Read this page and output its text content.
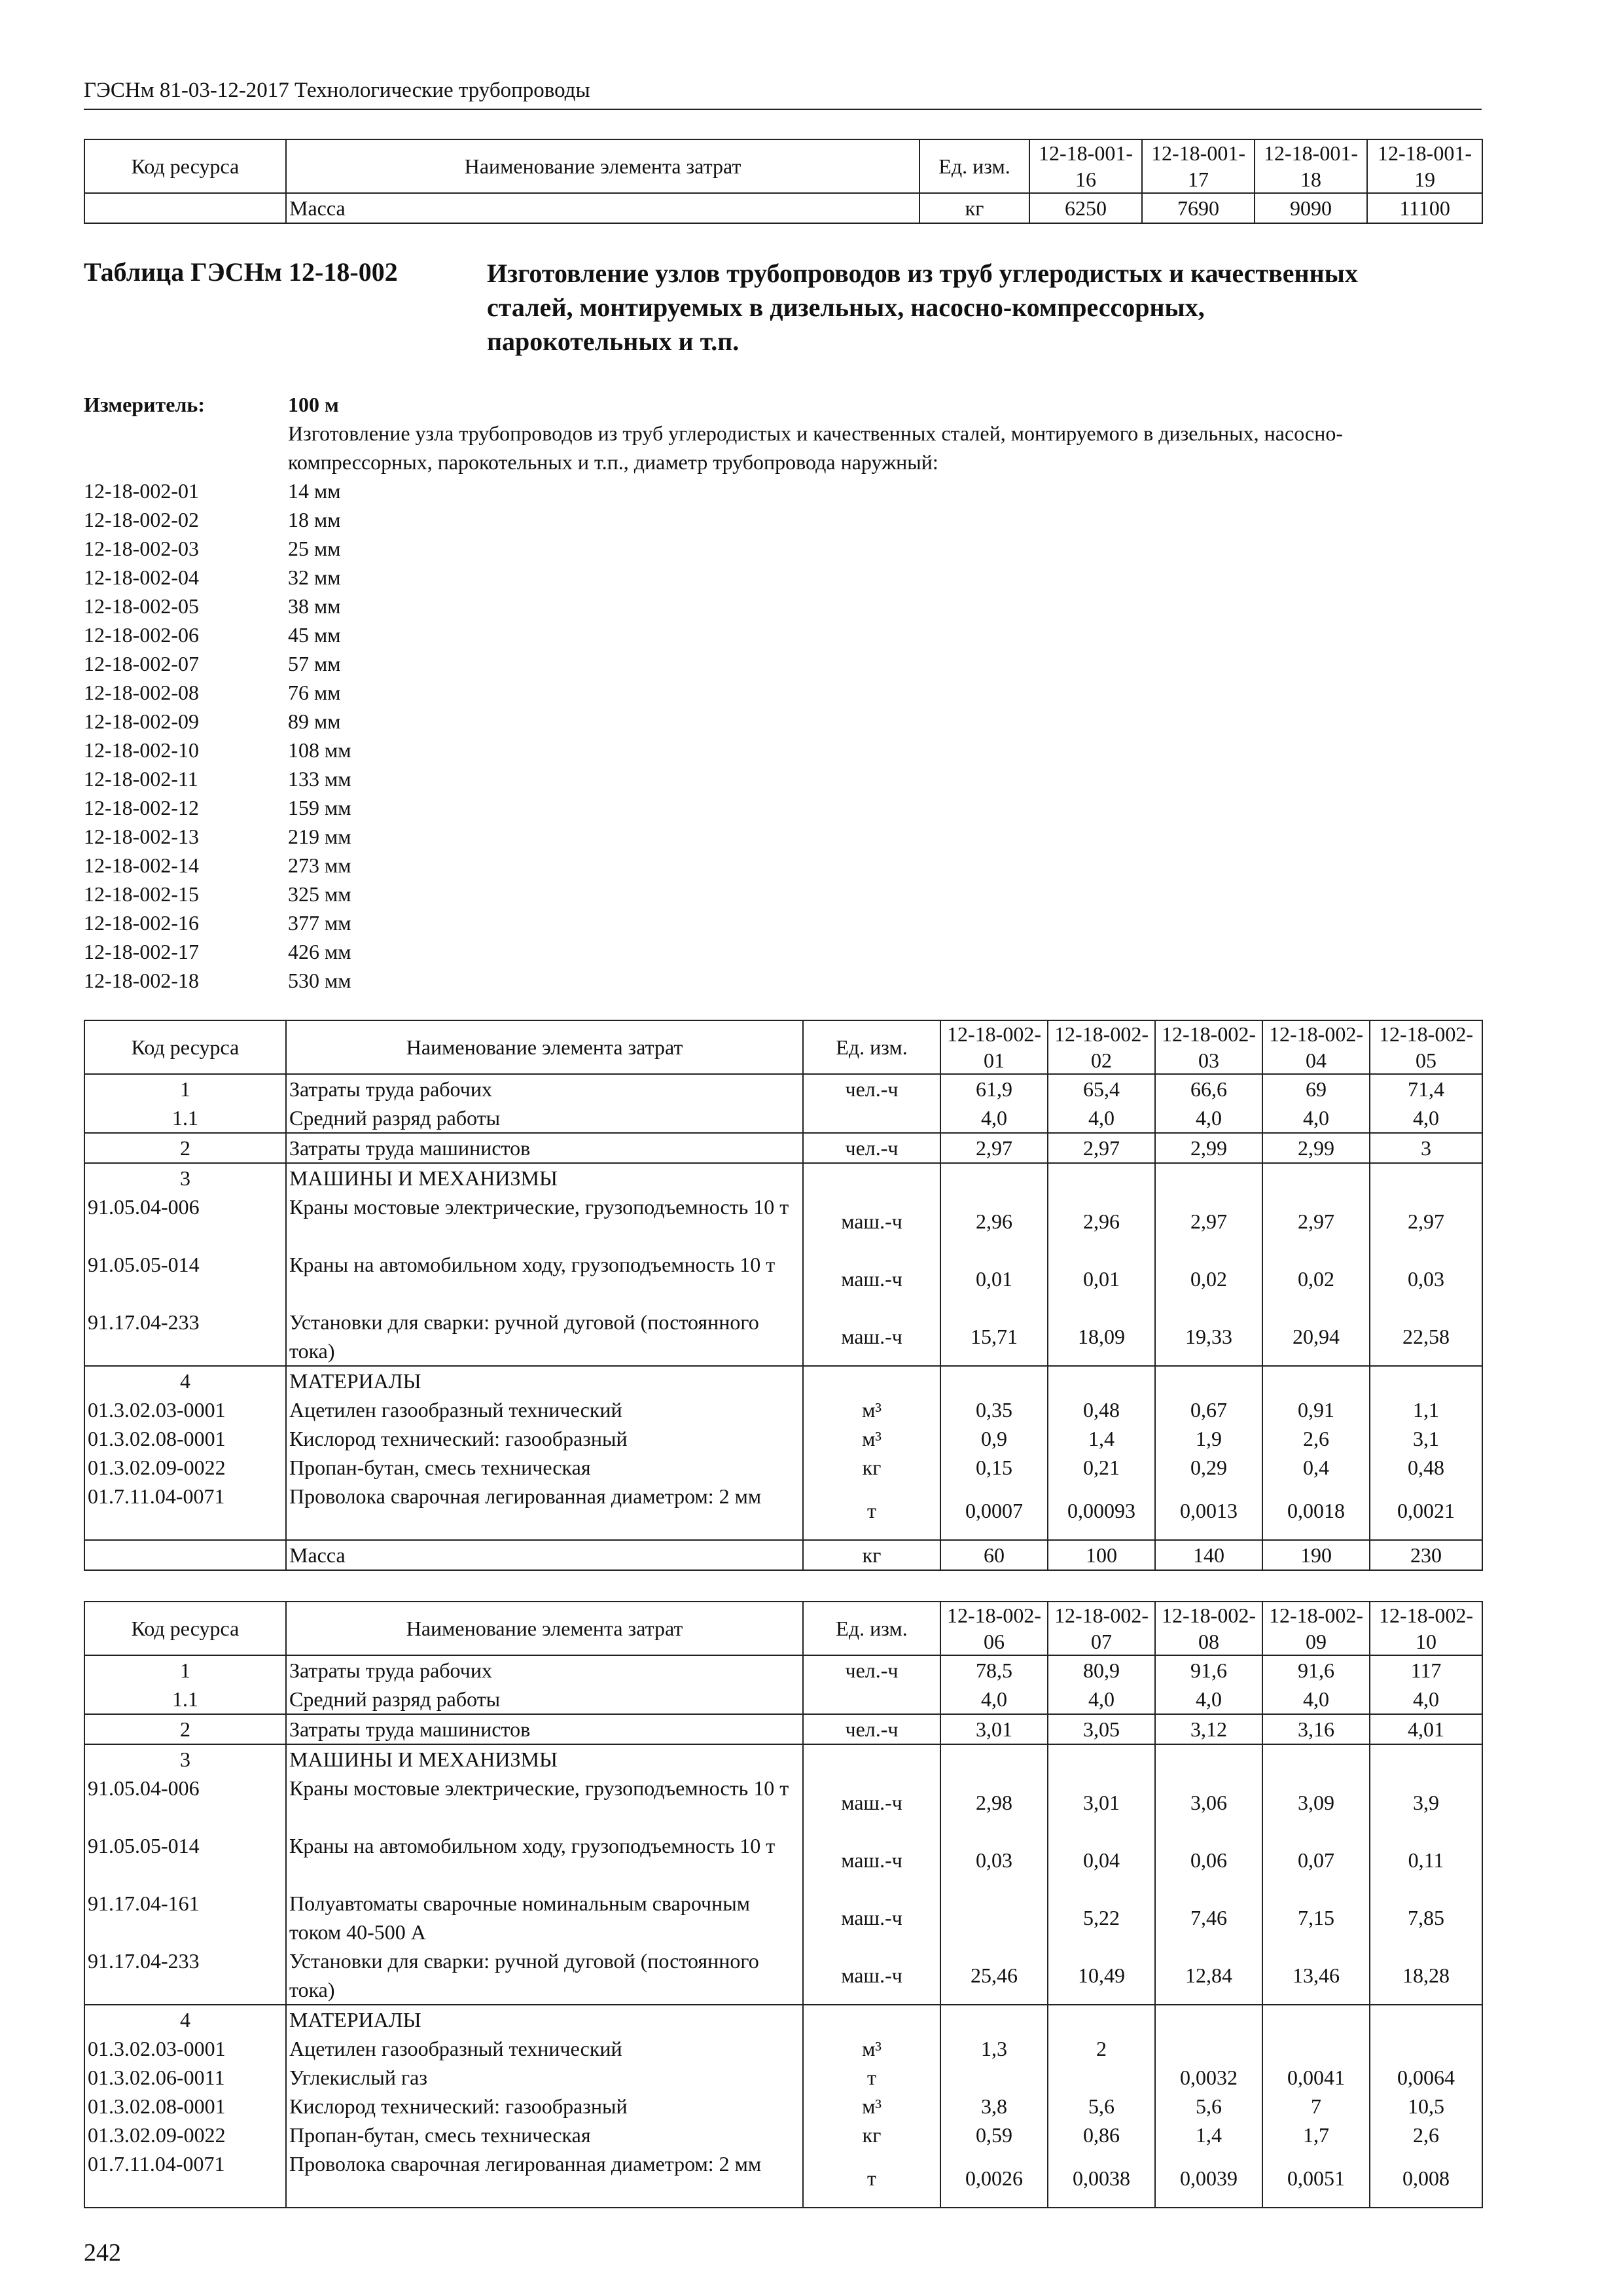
ГЭСНм 81-03-12-2017 Технологические трубопроводы
Код ресурса	Наименование элемента затрат	Ед. изм.	12-18-001-16	12-18-001-17	12-18-001-18	12-18-001-19
	Масса	кг	6250	7690	9090	11100
Таблица ГЭСНм 12-18-002	Изготовление узлов трубопроводов из труб углеродистых и качественных сталей, монтируемых в дизельных, насосно-компрессорных, парокотельных и т.п.
Измеритель:	100 м
Изготовление узла трубопроводов из труб углеродистых и качественных сталей, монтируемого в дизельных, насосно-компрессорных, парокотельных и т.п., диаметр трубопровода наружный:
12-18-002-01	14 мм
12-18-002-02	18 мм
12-18-002-03	25 мм
12-18-002-04	32 мм
12-18-002-05	38 мм
12-18-002-06	45 мм
12-18-002-07	57 мм
12-18-002-08	76 мм
12-18-002-09	89 мм
12-18-002-10	108 мм
12-18-002-11	133 мм
12-18-002-12	159 мм
12-18-002-13	219 мм
12-18-002-14	273 мм
12-18-002-15	325 мм
12-18-002-16	377 мм
12-18-002-17	426 мм
12-18-002-18	530 мм
Код ресурса	Наименование элемента затрат	Ед. изм.	12-18-002-01	12-18-002-02	12-18-002-03	12-18-002-04	12-18-002-05
1	Затраты труда рабочих	чел.-ч	61,9	65,4	66,6	69	71,4
1.1	Средний разряд работы		4,0	4,0	4,0	4,0	4,0
2	Затраты труда машинистов	чел.-ч	2,97	2,97	2,99	2,99	3
3	МАШИНЫ И МЕХАНИЗМЫ						
91.05.04-006	Краны мостовые электрические, грузоподъемность 10 т	маш.-ч	2,96	2,96	2,97	2,97	2,97
91.05.05-014	Краны на автомобильном ходу, грузоподъемность 10 т	маш.-ч	0,01	0,01	0,02	0,02	0,03
91.17.04-233	Установки для сварки: ручной дуговой (постоянного тока)	маш.-ч	15,71	18,09	19,33	20,94	22,58
4	МАТЕРИАЛЫ						
01.3.02.03-0001	Ацетилен газообразный технический	м³	0,35	0,48	0,67	0,91	1,1
01.3.02.08-0001	Кислород технический: газообразный	м³	0,9	1,4	1,9	2,6	3,1
01.3.02.09-0022	Пропан-бутан, смесь техническая	кг	0,15	0,21	0,29	0,4	0,48
01.7.11.04-0071	Проволока сварочная легированная диаметром: 2 мм	т	0,0007	0,00093	0,0013	0,0018	0,0021
	Масса	кг	60	100	140	190	230
Код ресурса	Наименование элемента затрат	Ед. изм.	12-18-002-06	12-18-002-07	12-18-002-08	12-18-002-09	12-18-002-10
1	Затраты труда рабочих	чел.-ч	78,5	80,9	91,6	91,6	117
1.1	Средний разряд работы		4,0	4,0	4,0	4,0	4,0
2	Затраты труда машинистов	чел.-ч	3,01	3,05	3,12	3,16	4,01
3	МАШИНЫ И МЕХАНИЗМЫ						
91.05.04-006	Краны мостовые электрические, грузоподъемность 10 т	маш.-ч	2,98	3,01	3,06	3,09	3,9
91.05.05-014	Краны на автомобильном ходу, грузоподъемность 10 т	маш.-ч	0,03	0,04	0,06	0,07	0,11
91.17.04-161	Полуавтоматы сварочные номинальным сварочным током 40-500 А	маш.-ч		5,22	7,46	7,15	7,85
91.17.04-233	Установки для сварки: ручной дуговой (постоянного тока)	маш.-ч	25,46	10,49	12,84	13,46	18,28
4	МАТЕРИАЛЫ						
01.3.02.03-0001	Ацетилен газообразный технический	м³	1,3	2			
01.3.02.06-0011	Углекислый газ	т			0,0032	0,0041	0,0064
01.3.02.08-0001	Кислород технический: газообразный	м³	3,8	5,6	5,6	7	10,5
01.3.02.09-0022	Пропан-бутан, смесь техническая	кг	0,59	0,86	1,4	1,7	2,6
01.7.11.04-0071	Проволока сварочная легированная диаметром: 2 мм	т	0,0026	0,0038	0,0039	0,0051	0,008
242
